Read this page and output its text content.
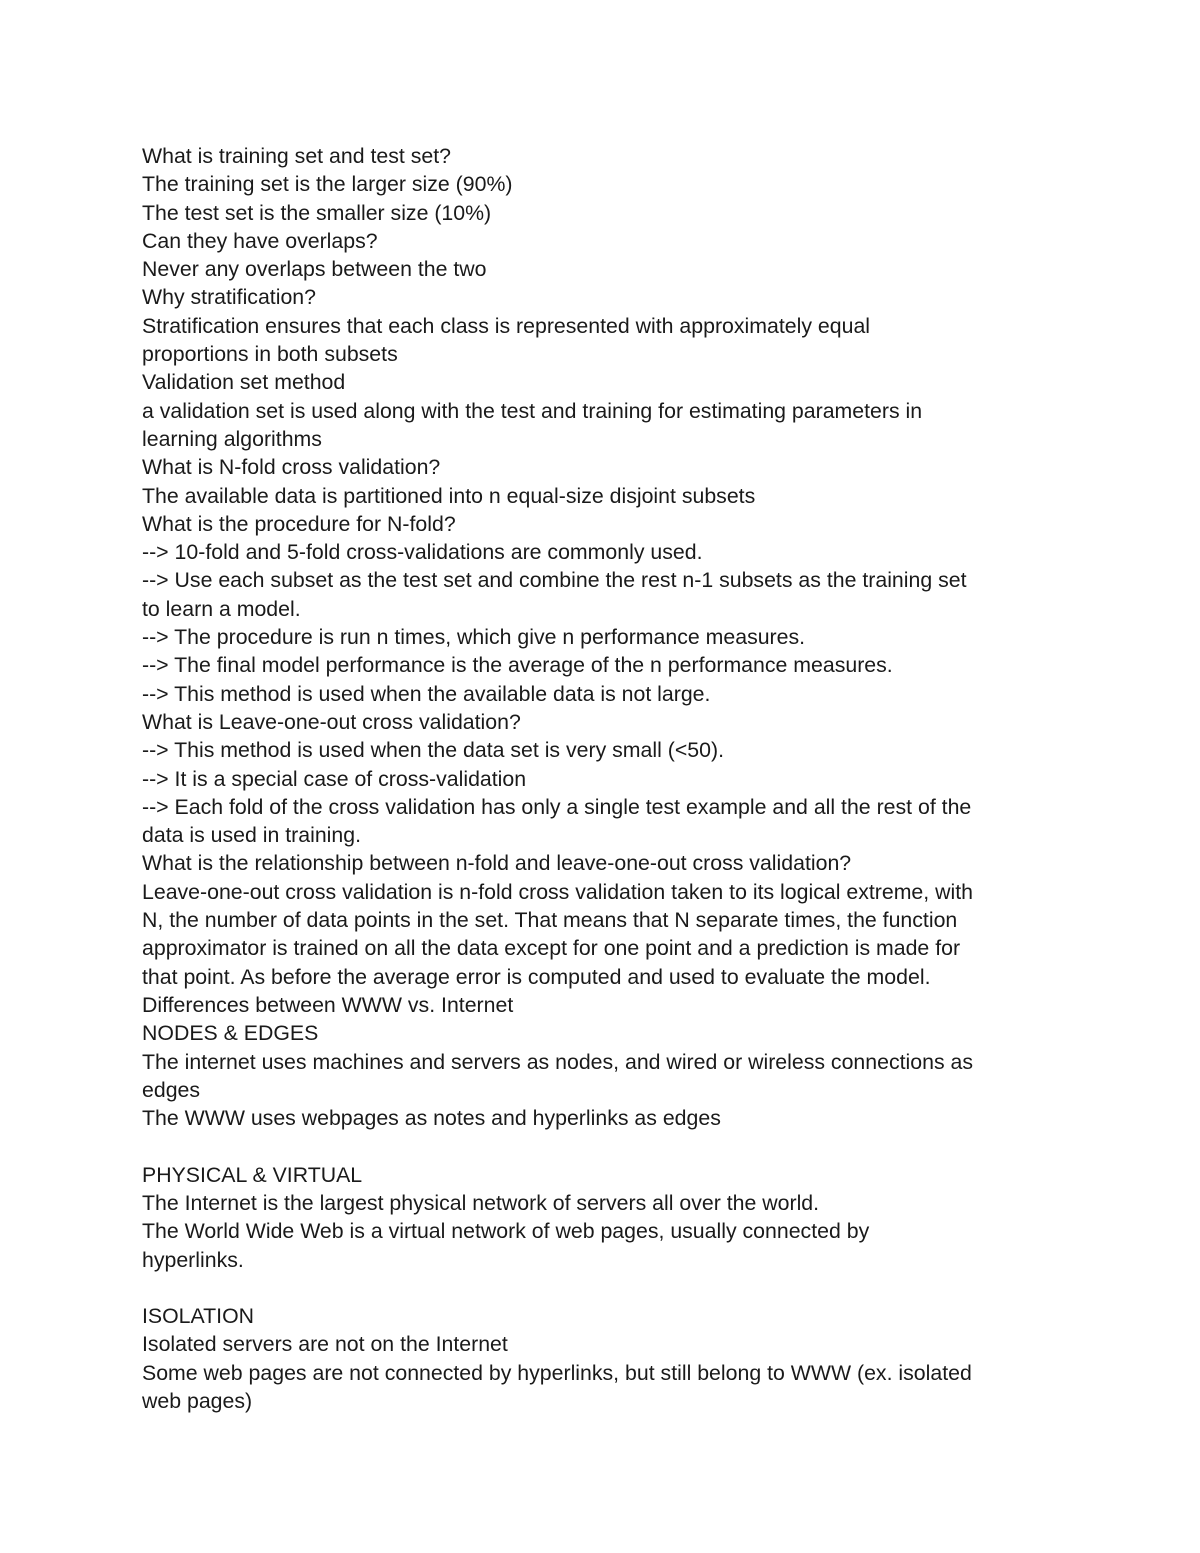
What is training set and test set?
The training set is the larger size (90%)
The test set is the smaller size (10%)
Can they have overlaps?
Never any overlaps between the two
Why stratification?
Stratification ensures that each class is represented with approximately equal
proportions in both subsets
Validation set method
a validation set is used along with the test and training for estimating parameters in
learning algorithms
What is N-fold cross validation?
The available data is partitioned into n equal-size disjoint subsets
What is the procedure for N-fold?
--> 10-fold and 5-fold cross-validations are commonly used.
--> Use each subset as the test set and combine the rest n-1 subsets as the training set
to learn a model.
--> The procedure is run n times, which give n performance measures.
--> The final model performance is the average of the n performance measures.
--> This method is used when the available data is not large.
What is Leave-one-out cross validation?
--> This method is used when the data set is very small (<50).
--> It is a special case of cross-validation
--> Each fold of the cross validation has only a single test example and all the rest of the
data is used in training.
What is the relationship between n-fold and leave-one-out cross validation?
Leave-one-out cross validation is n-fold cross validation taken to its logical extreme, with
N, the number of data points in the set. That means that N separate times, the function
approximator is trained on all the data except for one point and a prediction is made for
that point. As before the average error is computed and used to evaluate the model.
Differences between WWW vs. Internet
NODES & EDGES
The internet uses machines and servers as nodes, and wired or wireless connections as
edges
The WWW uses webpages as notes and hyperlinks as edges
PHYSICAL & VIRTUAL
The Internet is the largest physical network of servers all over the world.
The World Wide Web is a virtual network of web pages, usually connected by
hyperlinks.
ISOLATION
Isolated servers are not on the Internet
Some web pages are not connected by hyperlinks, but still belong to WWW (ex. isolated
web pages)
